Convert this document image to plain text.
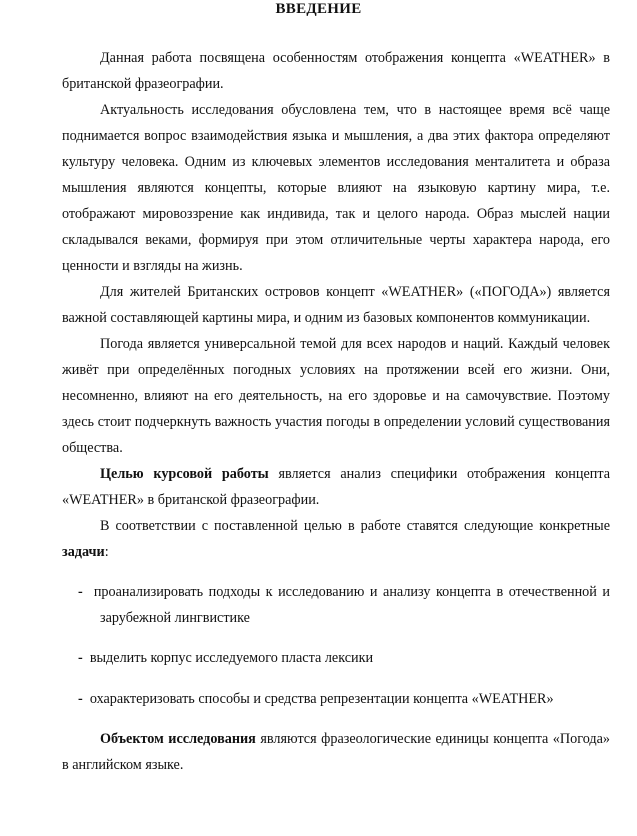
ВВЕДЕНИЕ

Данная работа посвящена особенностям отображения концепта «WEATHER» в британской фразеографии.

Актуальность исследования обусловлена тем, что в настоящее время всё чаще поднимается вопрос взаимодействия языка и мышления, а два этих фактора определяют культуру человека. Одним из ключевых элементов исследования менталитета и образа мышления являются концепты, которые влияют на языковую картину мира, т.е. отображают мировоззрение как индивида, так и целого народа. Образ мыслей нации складывался веками, формируя при этом отличительные черты характера народа, его ценности и взгляды на жизнь.

Для жителей Британских островов концепт «WEATHER» («ПОГОДА») является важной составляющей картины мира, и одним из базовых компонентов коммуникации.

Погода является универсальной темой для всех народов и наций. Каждый человек живёт при определённых погодных условиях на протяжении всей его жизни. Они, несомненно, влияют на его деятельность, на его здоровье и на самочувствие. Поэтому здесь стоит подчеркнуть важность участия погоды в определении условий существования общества.

Целью курсовой работы является анализ специфики отображения концепта «WEATHER» в британской фразеографии.

В соответствии с поставленной целью в работе ставятся следующие конкретные задачи:

- проанализировать подходы к исследованию и анализу концепта в отечественной и зарубежной лингвистике

-  выделить корпус исследуемого пласта лексики

- охарактеризовать способы и средства репрезентации концепта «WEATHER»

Объектом исследования являются фразеологические единицы концепта «Погода» в английском языке.
